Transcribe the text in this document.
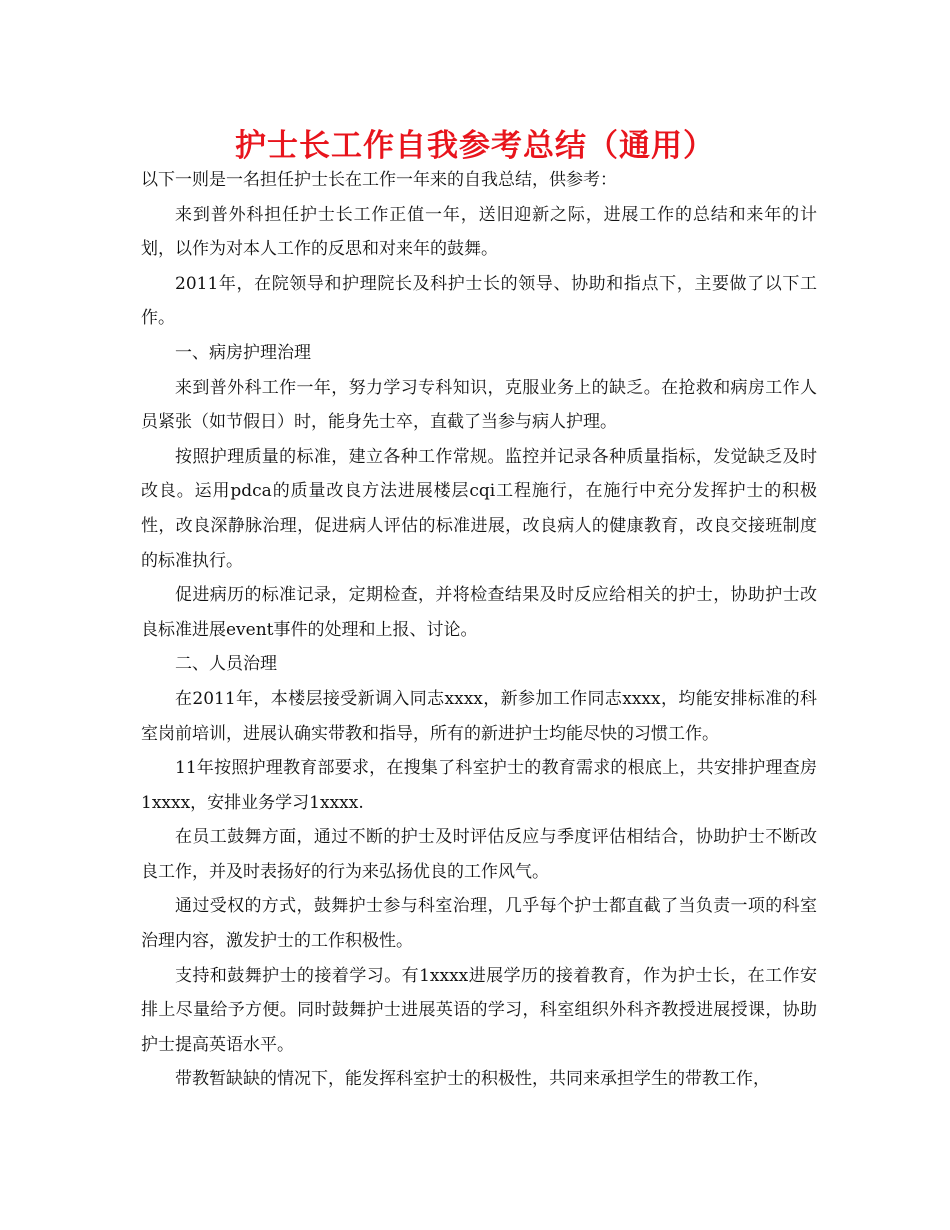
护士长工作自我参考总结（通用）

以下一则是一名担任护士长在工作一年来的自我总结，供参考：

来到普外科担任护士长工作正值一年，送旧迎新之际，进展工作的总结和来年的计划，以作为对本人工作的反思和对来年的鼓舞。

2011年，在院领导和护理院长及科护士长的领导、协助和指点下，主要做了以下工作。

一、病房护理治理

来到普外科工作一年，努力学习专科知识，克服业务上的缺乏。在抢救和病房工作人员紧张（如节假日）时，能身先士卒，直截了当参与病人护理。

按照护理质量的标准，建立各种工作常规。监控并记录各种质量指标，发觉缺乏及时改良。运用pdca的质量改良方法进展楼层cqi工程施行，在施行中充分发挥护士的积极性，改良深静脉治理，促进病人评估的标准进展，改良病人的健康教育，改良交接班制度的标准执行。

促进病历的标准记录，定期检查，并将检查结果及时反应给相关的护士，协助护士改良标准进展event事件的处理和上报、讨论。

二、人员治理

在2011年，本楼层接受新调入同志xxxx，新参加工作同志xxxx，均能安排标准的科室岗前培训，进展认确实带教和指导，所有的新进护士均能尽快的习惯工作。

11年按照护理教育部要求，在搜集了科室护士的教育需求的根底上，共安排护理查房1xxxx，安排业务学习1xxxx.

在员工鼓舞方面，通过不断的护士及时评估反应与季度评估相结合，协助护士不断改良工作，并及时表扬好的行为来弘扬优良的工作风气。

通过受权的方式，鼓舞护士参与科室治理，几乎每个护士都直截了当负责一项的科室治理内容，激发护士的工作积极性。

支持和鼓舞护士的接着学习。有1xxxx进展学历的接着教育，作为护士长，在工作安排上尽量给予方便。同时鼓舞护士进展英语的学习，科室组织外科齐教授进展授课，协助护士提高英语水平。

带教暂缺缺的情况下，能发挥科室护士的积极性，共同来承担学生的带教工作，
